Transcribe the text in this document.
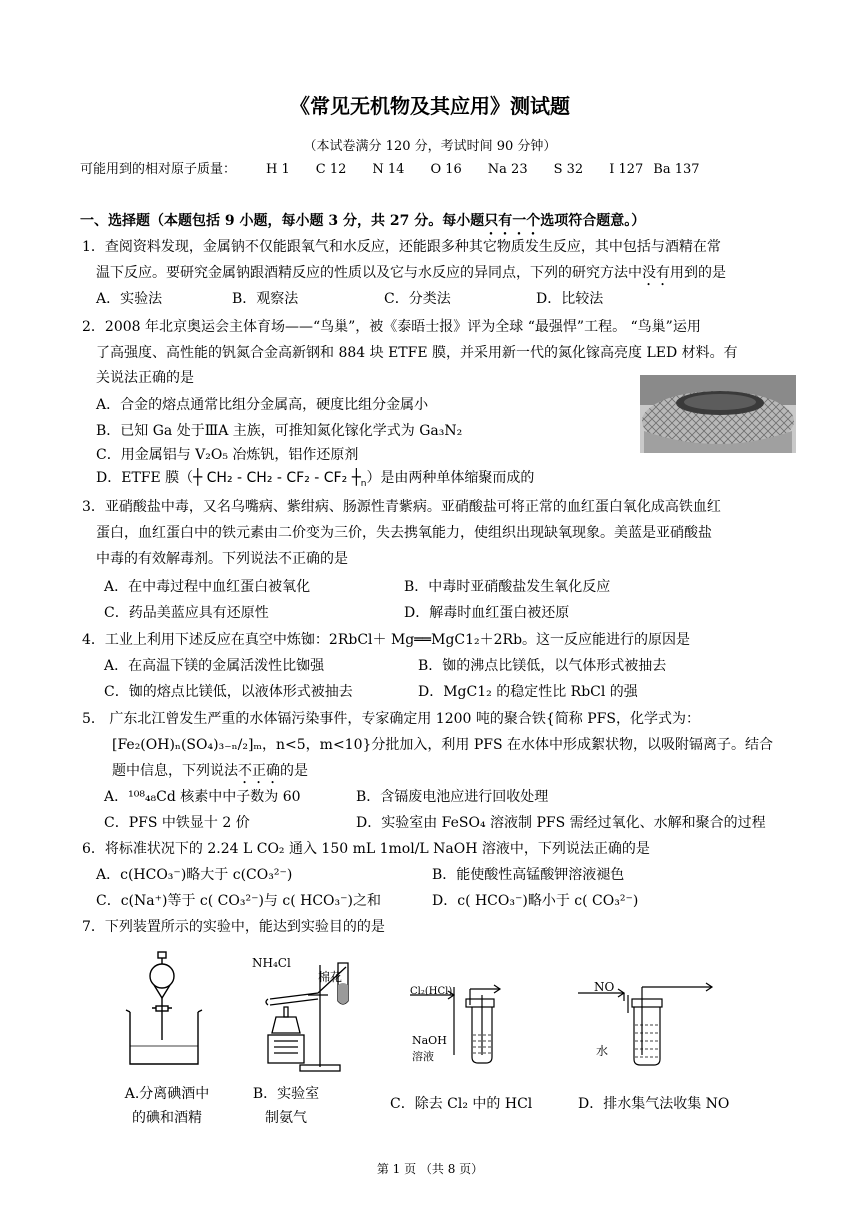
《常见无机物及其应用》测试题
（本试卷满分 120 分，考试时间 90 分钟）
可能用到的相对原子质量： H 1 C 12 N 14 O 16 Na 23 S 32 I 127 Ba 137
一、选择题（本题包括 9 小题，每小题 3 分，共 27 分。每小题只有一个选项符合题意。）
1．查阅资料发现，金属钠不仅能跟氧气和水反应，还能跟多种其它物质发生反应，其中包括与酒精在常
温下反应。要研究金属钠跟酒精反应的性质以及它与水反应的异同点，下列的研究方法中没有用到的是
A．实验法	B．观察法	C．分类法	D．比较法
2．2008 年北京奥运会主体育场——“鸟巢”，被《泰晤士报》评为全球 “最强悍”工程。 “鸟巢”运用
了高强度、高性能的钒氮合金高新钢和 884 块 ETFE 膜，并采用新一代的氮化镓高亮度 LED 材料。有
关说法正确的是
A．合金的熔点通常比组分金属高，硬度比组分金属小
B．已知 Ga 处于ⅢA 主族，可推知氮化镓化学式为 Ga₃N₂
C．用金属铝与 V₂O₅ 冶炼钒，铝作还原剂
D．ETFE 膜（┼ CH₂ - CH₂ - CF₂ - CF₂ $┼_n$）是由两种单体缩聚而成的
3．亚硝酸盐中毒，又名乌嘴病、紫绀病、肠源性青紫病。亚硝酸盐可将正常的血红蛋白氧化成高铁血红
蛋白，血红蛋白中的铁元素由二价变为三价，失去携氧能力，使组织出现缺氧现象。美蓝是亚硝酸盐
中毒的有效解毒剂。下列说法不正确的是
A．在中毒过程中血红蛋白被氧化	B．中毒时亚硝酸盐发生氧化反应
C．药品美蓝应具有还原性	D．解毒时血红蛋白被还原
4．工业上利用下述反应在真空中炼铷：2RbCl＋ Mg══MgC1₂＋2Rb。这一反应能进行的原因是
A．在高温下镁的金属活泼性比铷强	B．铷的沸点比镁低，以气体形式被抽去
C．铷的熔点比镁低，以液体形式被抽去	D．MgC1₂ 的稳定性比 RbCl 的强
5． 广东北江曾发生严重的水体镉污染事件，专家确定用 1200 吨的聚合铁{简称 PFS，化学式为：
[Fe₂(OH)ₙ(SO₄)₃₋ₙ/₂]ₘ，n<5，m<10}分批加入，利用 PFS 在水体中形成絮状物，以吸附镉离子。结合
题中信息，下列说法不正确的是
A．¹⁰⁸₄₈Cd 核素中中子数为 60	B．含镉废电池应进行回收处理
C．PFS 中铁显十 2 价	D．实验室由 FeSO₄ 溶液制 PFS 需经过氧化、水解和聚合的过程
6．将标准状况下的 2.24 L CO₂ 通入 150 mL 1mol/L NaOH 溶液中，下列说法正确的是
A．c(HCO₃⁻)略大于 c(CO₃²⁻)	B．能使酸性高锰酸钾溶液褪色
C．c(Na⁺)等于 c( CO₃²⁻)与 c( HCO₃⁻)之和	D．c( HCO₃⁻)略小于 c( CO₃²⁻)
7．下列装置所示的实验中，能达到实验目的的是
NH₄Cl
棉花
Cl₂(HCl)
NaOH
溶液
NO
水
A.分离碘酒中
的碘和酒精
B．实验室
制氨气
C．除去 Cl₂ 中的 HCl	D．排水集气法收集 NO
第 1 页 （共 8 页）
